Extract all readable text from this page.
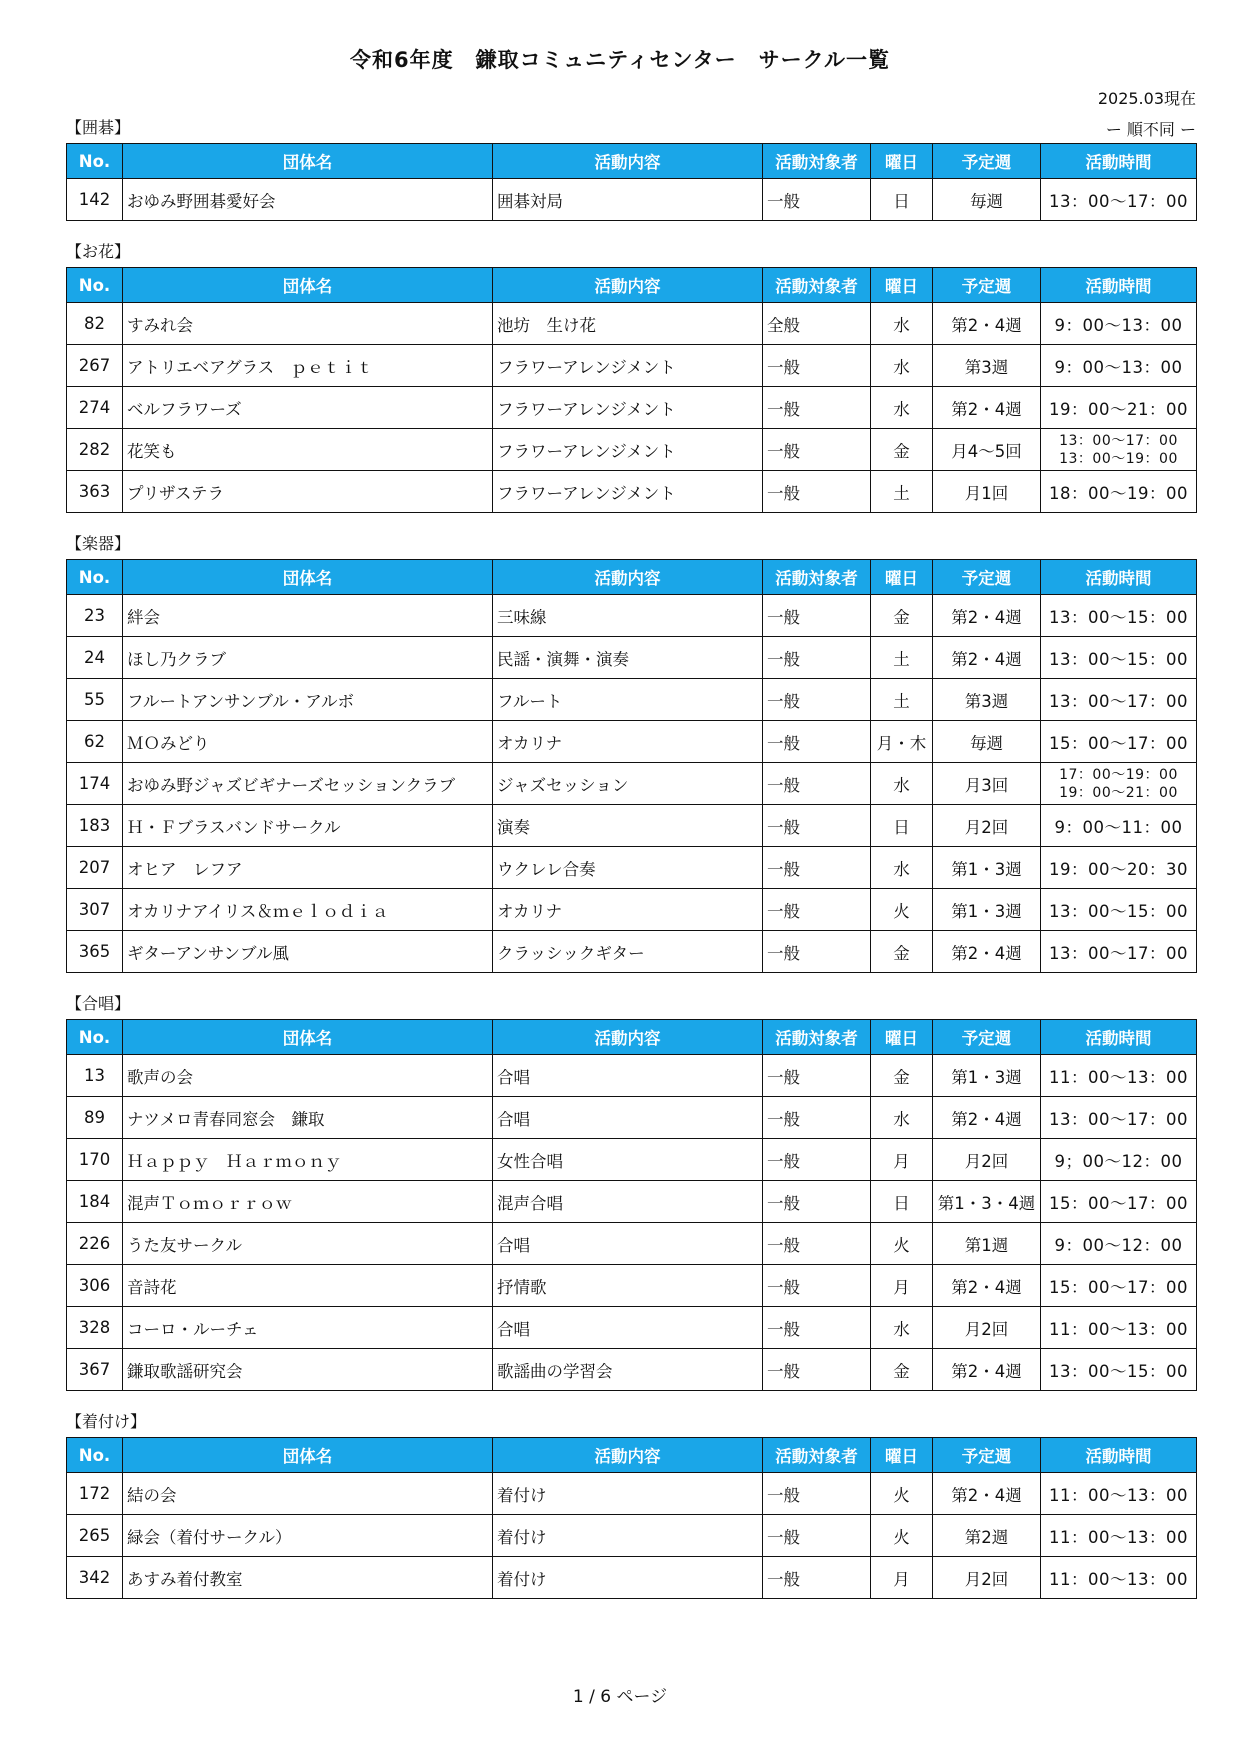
令和6年度　鎌取コミュニティセンター　サークル一覧
2025.03現在
ー 順不同 ー
【囲碁】
No.	団体名	活動内容	活動対象者	曜日	予定週	活動時間
142	おゆみ野囲碁愛好会	囲碁対局	一般	日	毎週	13：00～17：00
【お花】
No.	団体名	活動内容	活動対象者	曜日	予定週	活動時間
82	すみれ会	池坊　生け花	全般	水	第2・4週	9：00～13：00

267	アトリエベアグラス　ｐｅｔｉｔ	フラワーアレンジメント	一般	水	第3週	9：00～13：00

274	ベルフラワーズ	フラワーアレンジメント	一般	水	第2・4週	19：00～21：00

282	花笑も	フラワーアレンジメント	一般	金	月4～5回	13：00～17：00
13：00～19：00

363	プリザステラ	フラワーアレンジメント	一般	土	月1回	18：00～19：00
【楽器】
No.	団体名	活動内容	活動対象者	曜日	予定週	活動時間
23	絆会	三味線	一般	金	第2・4週	13：00～15：00

24	ほし乃クラブ	民謡・演舞・演奏	一般	土	第2・4週	13：00～15：00

55	フルートアンサンブル・アルボ	フルート	一般	土	第3週	13：00～17：00

62	ＭＯみどり	オカリナ	一般	月・木	毎週	15：00～17：00

174	おゆみ野ジャズビギナーズセッションクラブ	ジャズセッション	一般	水	月3回	17：00～19：00
19：00～21：00

183	Ｈ・Ｆブラスバンドサークル	演奏	一般	日	月2回	9：00～11：00

207	オヒア　レフア	ウクレレ合奏	一般	水	第1・3週	19：00～20：30

307	オカリナアイリス＆ｍｅｌｏｄｉａ	オカリナ	一般	火	第1・3週	13：00～15：00

365	ギターアンサンブル風	クラッシックギター	一般	金	第2・4週	13：00～17：00
【合唱】
No.	団体名	活動内容	活動対象者	曜日	予定週	活動時間
13	歌声の会	合唱	一般	金	第1・3週	11：00～13：00

89	ナツメロ青春同窓会　鎌取	合唱	一般	水	第2・4週	13：00～17：00

170	Ｈａｐｐｙ　Ｈａｒｍｏｎｙ	女性合唱	一般	月	月2回	9；00～12：00

184	混声Ｔｏｍｏｒｒｏｗ	混声合唱	一般	日	第1・3・4週	15：00～17：00

226	うた友サークル	合唱	一般	火	第1週	9：00～12：00

306	音詩花	抒情歌	一般	月	第2・4週	15：00～17：00

328	コーロ・ルーチェ	合唱	一般	水	月2回	11：00～13：00

367	鎌取歌謡研究会	歌謡曲の学習会	一般	金	第2・4週	13：00～15：00
【着付け】
No.	団体名	活動内容	活動対象者	曜日	予定週	活動時間
172	結の会	着付け	一般	火	第2・4週	11：00～13：00

265	緑会（着付サークル）	着付け	一般	火	第2週	11：00～13：00

342	あすみ着付教室	着付け	一般	月	月2回	11：00～13：00
1 / 6 ページ
